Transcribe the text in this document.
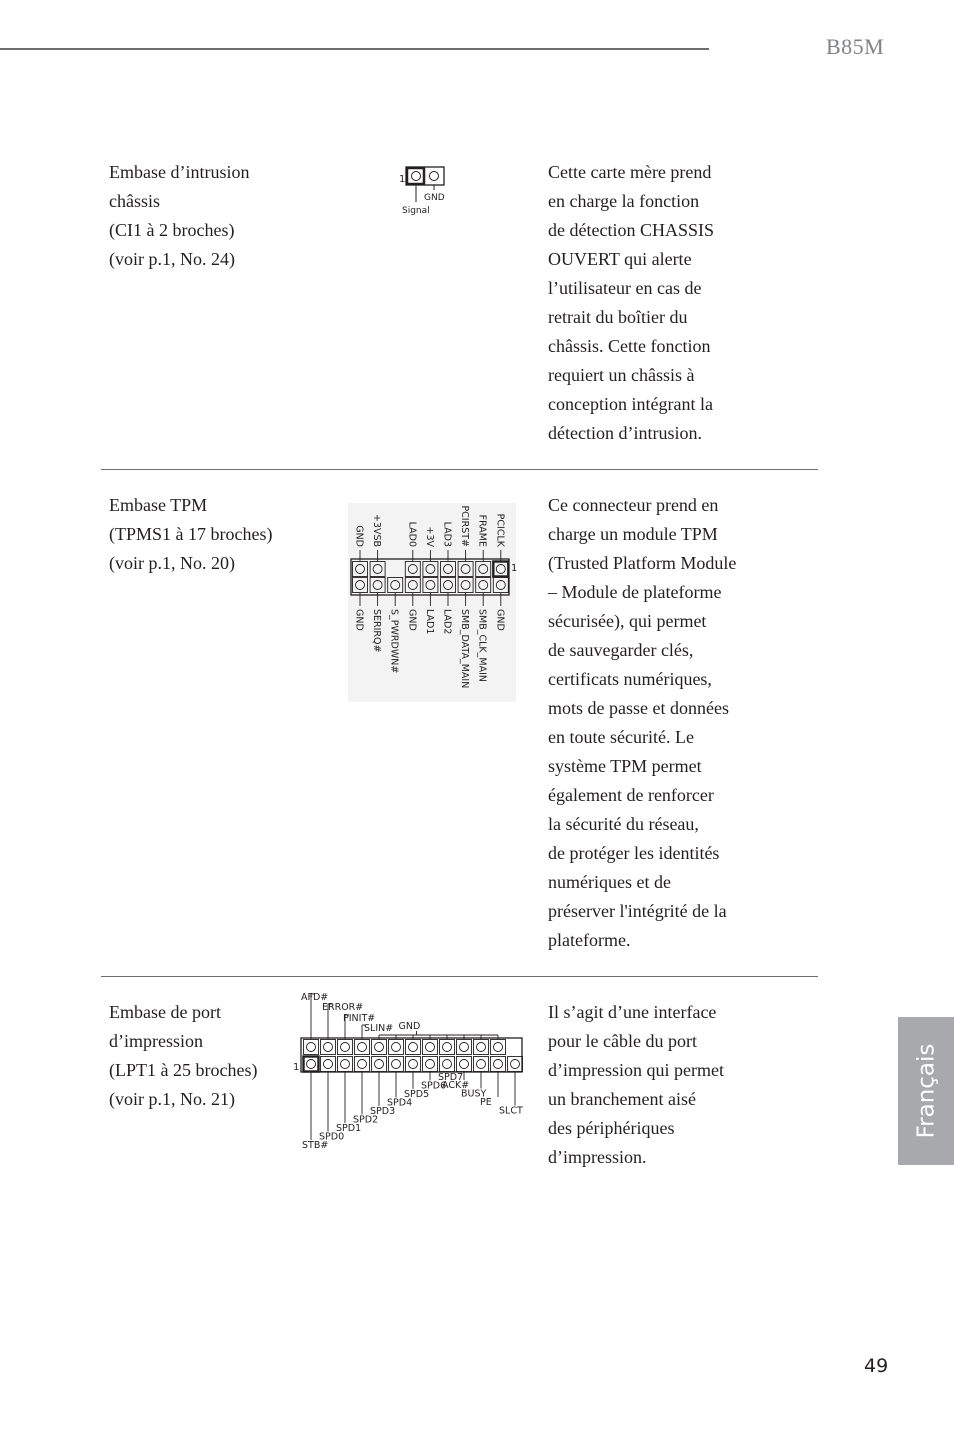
B85M
Embase d’intrusion
châssis
(CI1 à 2 broches)
(voir p.1, No. 24)
1
GND
Signal
Cette carte mère prend
en charge la fonction
de détection CHASSIS
OUVERT qui alerte
l’utilisateur en cas de
retrait du boîtier du
châssis. Cette fonction
requiert un châssis à
conception intégrant la
détection d’intrusion.
Embase TPM
(TPMS1 à 17 broches)
(voir p.1, No. 20)	1
GND +3VSB	LAD0 +3V LAD3 PCIRST# FRAME PCICLK
GND SERIRQ# S_PWRDWN# GND LAD1 LAD2 SMB_DATA_MAIN SMB_CLK_MAIN GND
Ce connecteur prend en
charge un module TPM
(Trusted Platform Module
– Module de plateforme
sécurisée), qui permet
de sauvegarder clés,
certificats numériques,
mots de passe et données
en toute sécurité. Le
système TPM permet
également de renforcer
la sécurité du réseau,
de protéger les identités
numériques et de
préserver l'intégrité de la
plateforme.
Embase de port
d’impression
(LPT1 à 25 broches)
(voir p.1, No. 21)
1
AFD#
ERROR#
PINIT#
SLIN# GND
STB#
SPD0
SPD1
SPD2
SPD3
SPD4
SPD5
SPD6
SPD7
ACK#
BUSY
PE
SLCT
Il s’agit d’une interface
pour le câble du port
d’impression qui permet
un branchement aisé
des périphériques
d’impression.
Français
49
